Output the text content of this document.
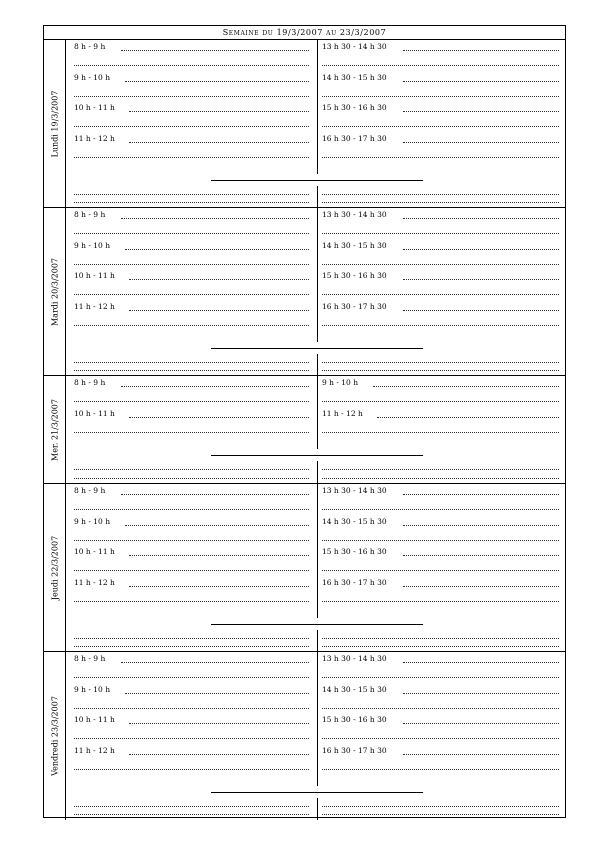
Semaine du 19/3/2007 au 23/3/2007
Lundi 19/3/2007
8 h - 9 h	13 h 30 - 14 h 30
9 h - 10 h	14 h 30 - 15 h 30
10 h - 11 h	15 h 30 - 16 h 30
11 h - 12 h	16 h 30 - 17 h 30
Mardi 20/3/2007
8 h - 9 h	13 h 30 - 14 h 30
9 h - 10 h	14 h 30 - 15 h 30
10 h - 11 h	15 h 30 - 16 h 30
11 h - 12 h	16 h 30 - 17 h 30
Mer. 21/3/2007
8 h - 9 h	9 h - 10 h
10 h - 11 h	11 h - 12 h
Jeudi 22/3/2007
8 h - 9 h	13 h 30 - 14 h 30
9 h - 10 h	14 h 30 - 15 h 30
10 h - 11 h	15 h 30 - 16 h 30
11 h - 12 h	16 h 30 - 17 h 30
Vendredi 23/3/2007
8 h - 9 h	13 h 30 - 14 h 30
9 h - 10 h	14 h 30 - 15 h 30
10 h - 11 h	15 h 30 - 16 h 30
11 h - 12 h	16 h 30 - 17 h 30
